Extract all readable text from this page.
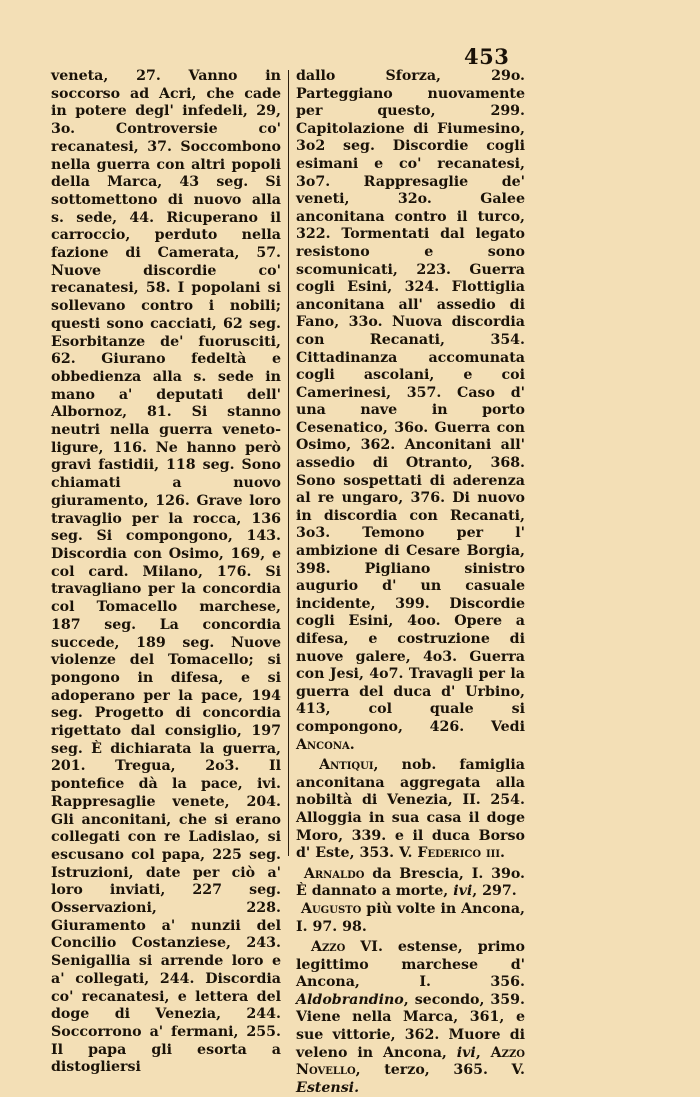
453

veneta, 27. Vanno in soccorso ad Acri, che cade in potere degl' infedeli, 29, 3o. Controversie co' recanatesi, 37. Soccombono nella guerra con altri popoli della Marca, 43 seg. Si sottomettono di nuovo alla s. sede, 44. Ricuperano il carroccio, perduto nella fazione di Camerata, 57. Nuove discordie co' recanatesi, 58. I popolani si sollevano contro i nobili; questi sono cacciati, 62 seg. Esorbitanze de' fuorusciti, 62. Giurano fedeltà e obbedienza alla s. sede in mano a' deputati dell' Albornoz, 81. Si stanno neutri nella guerra veneto-ligure, 116. Ne hanno però gravi fastidii, 118 seg. Sono chiamati a nuovo giuramento, 126. Grave loro travaglio per la rocca, 136 seg. Si compongono, 143. Discordia con Osimo, 169, e col card. Milano, 176. Si travagliano per la concordia col Tomacello marchese, 187 seg. La concordia succede, 189 seg. Nuove violenze del Tomacello; si pongono in difesa, e si adoperano per la pace, 194 seg. Progetto di concordia rigettato dal consiglio, 197 seg. È dichiarata la guerra, 201. Tregua, 2o3. Il pontefice dà la pace, ivi. Rappresaglie venete, 204. Gli anconitani, che si erano collegati con re Ladislao, si escusano col papa, 225 seg. Istruzioni, date per ciò a' loro inviati, 227 seg. Osservazioni, 228. Giuramento a' nunzii del Concilio Costanziese, 243. Senigallia si arrende loro e a' collegati, 244. Discordia co' recanatesi, e lettera del doge di Venezia, 244. Soccorrono a' fermani, 255. Il papa gli esorta a distogliersi

dallo Sforza, 29o. Parteggiano nuovamente per questo, 299. Capitolazione di Fiumesino, 3o2 seg. Discordie cogli esimani e co' recanatesi, 3o7. Rappresaglie de' veneti, 32o. Galee anconitana contro il turco, 322. Tormentati dal legato resistono e sono scomunicati, 223. Guerra cogli Esini, 324. Flottiglia anconitana all' assedio di Fano, 33o. Nuova discordia con Recanati, 354. Cittadinanza accomunata cogli ascolani, e coi Camerinesi, 357. Caso d' una nave in porto Cesenatico, 36o. Guerra con Osimo, 362. Anconitani all' assedio di Otranto, 368. Sono sospettati di aderenza al re ungaro, 376. Di nuovo in discordia con Recanati, 3o3. Temono per l' ambizione di Cesare Borgia, 398. Pigliano sinistro augurio d' un casuale incidente, 399. Discordie cogli Esini, 4oo. Opere a difesa, e costruzione di nuove galere, 4o3. Guerra con Jesi, 4o7. Travagli per la guerra del duca d' Urbino, 413, col quale si compongono, 426. Vedi Ancona.

Antiqui, nob. famiglia anconitana aggregata alla nobiltà di Venezia, II. 254. Alloggia in sua casa il doge Moro, 339. e il duca Borso d' Este, 353. V. Federico iii.

Arnaldo da Brescia, I. 39o. È dannato a morte, ivi, 297.

Augusto più volte in Ancona, I. 97. 98.

Azzo VI. estense, primo legittimo marchese d' Ancona, I. 356. Aldobrandino, secondo, 359. Viene nella Marca, 361, e sue vittorie, 362. Muore di veleno in Ancona, ivi, Azzo Novello, terzo, 365. V. Estensi.
